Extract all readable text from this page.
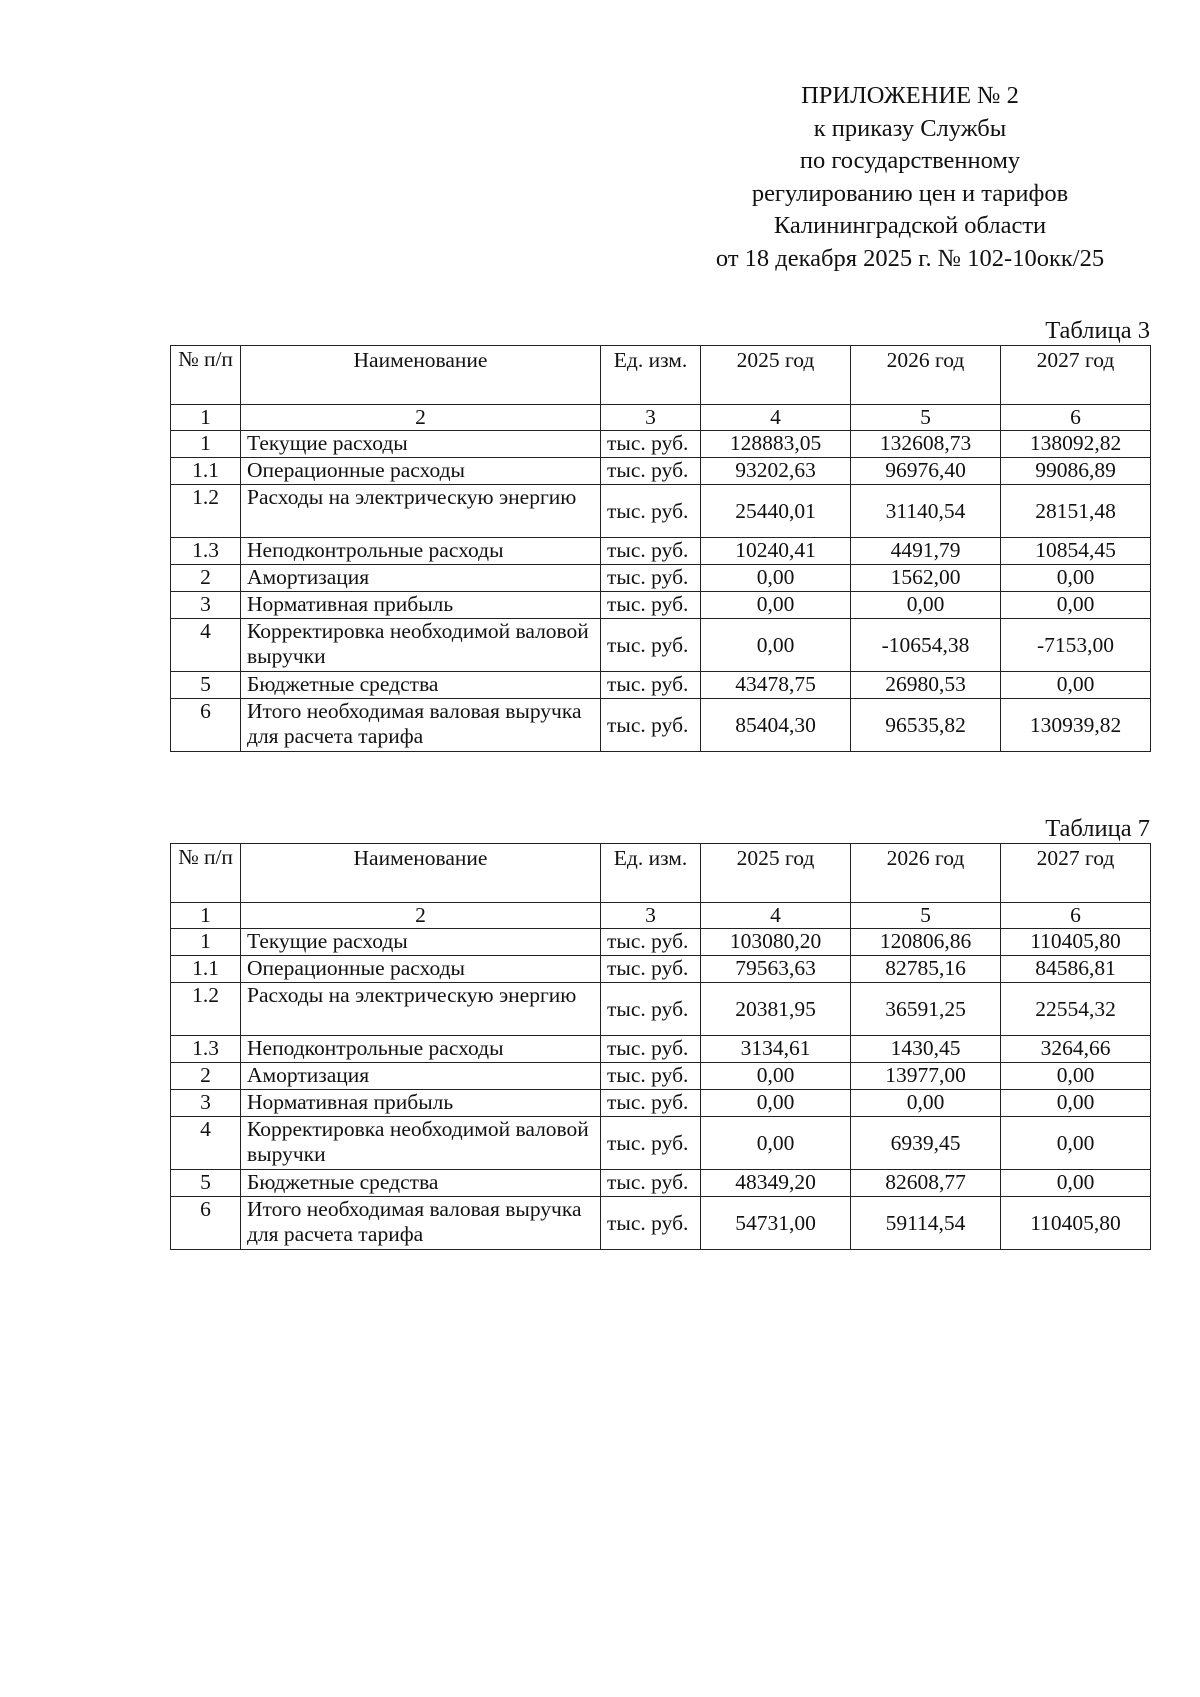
ПРИЛОЖЕНИЕ № 2
к приказу Службы
по государственному
регулированию цен и тарифов
Калининградской области
от 18 декабря 2025 г. № 102-10окк/25
Таблица 3
№ п/п	Наименование	Ед. изм.	2025 год	2026 год	2027 год
1	2	3	4	5	6
1	Текущие расходы	тыс. руб.	128883,05	132608,73	138092,82
1.1	Операционные расходы	тыс. руб.	93202,63	96976,40	99086,89
1.2	Расходы на электрическую энергию	тыс. руб.	25440,01	31140,54	28151,48
1.3	Неподконтрольные расходы	тыс. руб.	10240,41	4491,79	10854,45
2	Амортизация	тыс. руб.	0,00	1562,00	0,00
3	Нормативная прибыль	тыс. руб.	0,00	0,00	0,00
4	Корректировка необходимой валовой выручки	тыс. руб.	0,00	-10654,38	-7153,00
5	Бюджетные средства	тыс. руб.	43478,75	26980,53	0,00
6	Итого необходимая валовая выручка для расчета тарифа	тыс. руб.	85404,30	96535,82	130939,82
Таблица 7
№ п/п	Наименование	Ед. изм.	2025 год	2026 год	2027 год
1	2	3	4	5	6
1	Текущие расходы	тыс. руб.	103080,20	120806,86	110405,80
1.1	Операционные расходы	тыс. руб.	79563,63	82785,16	84586,81
1.2	Расходы на электрическую энергию	тыс. руб.	20381,95	36591,25	22554,32
1.3	Неподконтрольные расходы	тыс. руб.	3134,61	1430,45	3264,66
2	Амортизация	тыс. руб.	0,00	13977,00	0,00
3	Нормативная прибыль	тыс. руб.	0,00	0,00	0,00
4	Корректировка необходимой валовой выручки	тыс. руб.	0,00	6939,45	0,00
5	Бюджетные средства	тыс. руб.	48349,20	82608,77	0,00
6	Итого необходимая валовая выручка для расчета тарифа	тыс. руб.	54731,00	59114,54	110405,80
